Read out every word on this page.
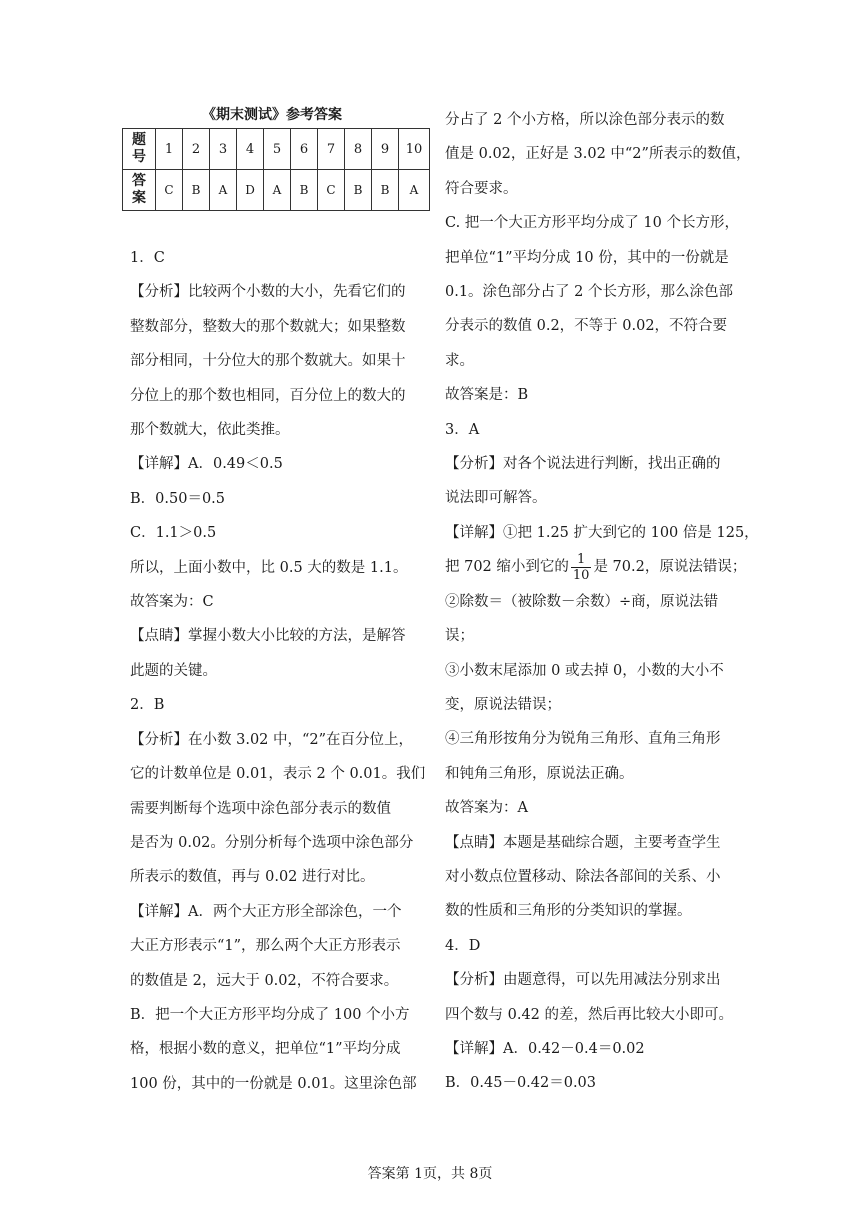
《期末测试》参考答案
题
号	1	2	3	4	5	6	7	8	9	10
答
案	C	B	A	D	A	B	C	B	B	A

1．C

【分析】比较两个小数的大小，先看它们的

整数部分，整数大的那个数就大；如果整数

部分相同，十分位大的那个数就大。如果十

分位上的那个数也相同，百分位上的数大的

那个数就大，依此类推。

【详解】A．0.49＜0.5

B．0.50＝0.5

C．1.1＞0.5

所以，上面小数中，比 0.5 大的数是 1.1。

故答案为：C

【点睛】掌握小数大小比较的方法，是解答

此题的关键。

2．B

【分析】在小数 3.02 中，“2”在百分位上，

它的计数单位是 0.01，表示 2 个 0.01。我们

需要判断每个选项中涂色部分表示的数值

是否为 0.02。分别分析每个选项中涂色部分

所表示的数值，再与 0.02 进行对比。

【详解】A．两个大正方形全部涂色，一个

大正方形表示“1”，那么两个大正方形表示

的数值是 2，远大于 0.02，不符合要求。

B．把一个大正方形平均分成了 100 个小方

格，根据小数的意义，把单位“1”平均分成

100 份，其中的一份就是 0.01。这里涂色部

分占了 2 个小方格，所以涂色部分表示的数

值是 0.02，正好是 3.02 中“2”所表示的数值，

符合要求。

C. 把一个大正方形平均分成了 10 个长方形，

把单位“1”平均分成 10 份，其中的一份就是

0.1。涂色部分占了 2 个长方形，那么涂色部

分表示的数值 0.2，不等于 0.02，不符合要

求。

故答案是：B

3．A

【分析】对各个说法进行判断，找出正确的

说法即可解答。

【详解】①把 1.25 扩大到它的 100 倍是 125，

把 702 缩小到它的 $\frac{1}{10}$ 是 70.2，原说法错误；

②除数＝（被除数－余数）÷商，原说法错

误；

③小数末尾添加 0 或去掉 0，小数的大小不

变，原说法错误；

④三角形按角分为锐角三角形、直角三角形

和钝角三角形，原说法正确。

故答案为：A

【点睛】本题是基础综合题，主要考查学生

对小数点位置移动、除法各部间的关系、小

数的性质和三角形的分类知识的掌握。

4．D

【分析】由题意得，可以先用减法分别求出

四个数与 0.42 的差，然后再比较大小即可。

【详解】A．0.42－0.4＝0.02

B．0.45－0.42＝0.03

答案第 1页，共 8页
